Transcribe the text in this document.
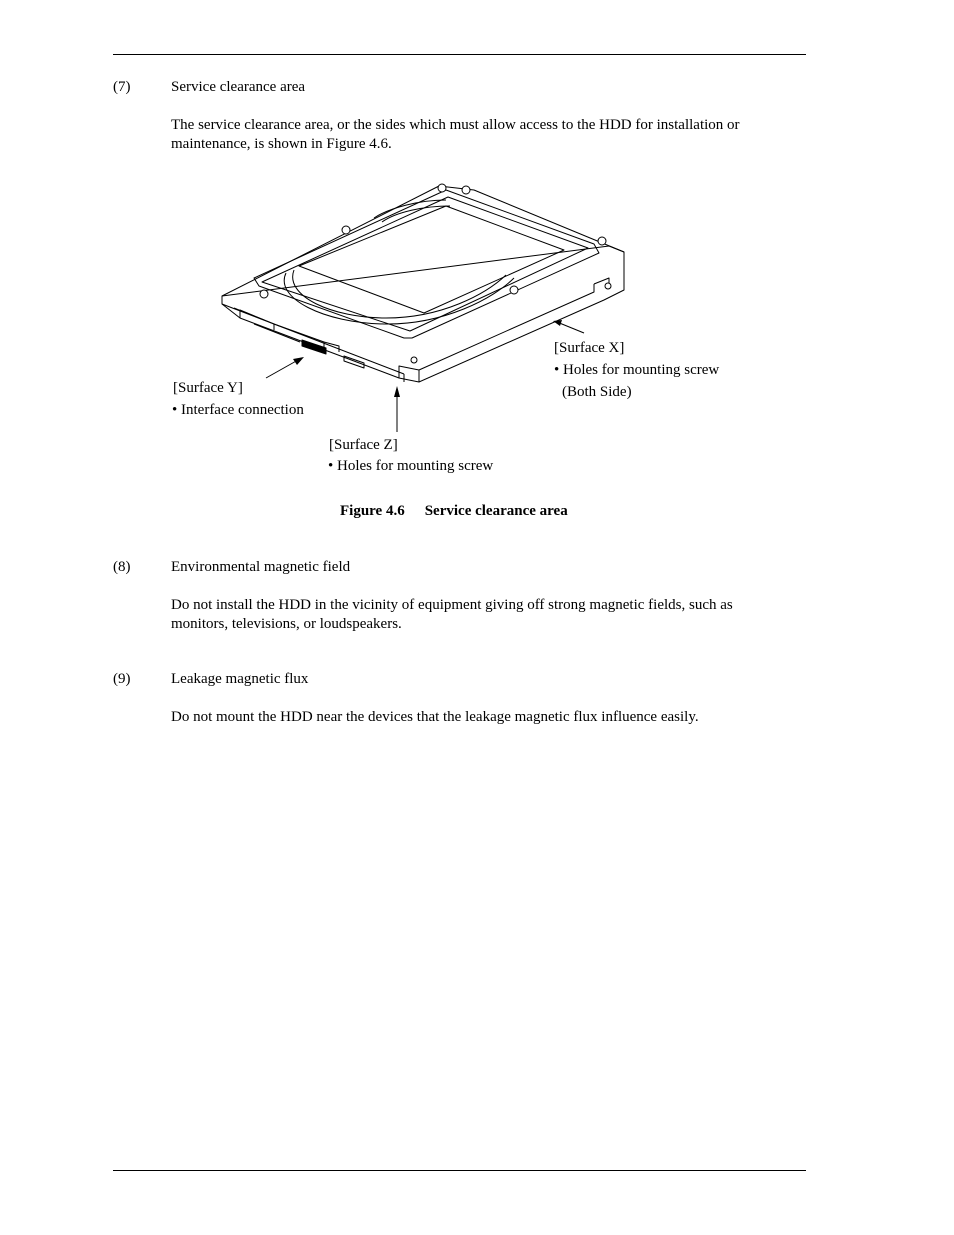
(7)	Service clearance area
The service clearance area, or the sides which must allow access to the HDD for installation or maintenance, is shown in Figure 4.6.
[Surface X]
• Holes for mounting screw
(Both Side)
[Surface Y]
• Interface connection
[Surface Z]
• Holes for mounting screw
Figure 4.6 Service clearance area
(8)	Environmental magnetic field
Do not install the HDD in the vicinity of equipment giving off strong magnetic fields, such as monitors, televisions, or loudspeakers.
(9)	Leakage magnetic flux
Do not mount the HDD near the devices that the leakage magnetic flux influence easily.
